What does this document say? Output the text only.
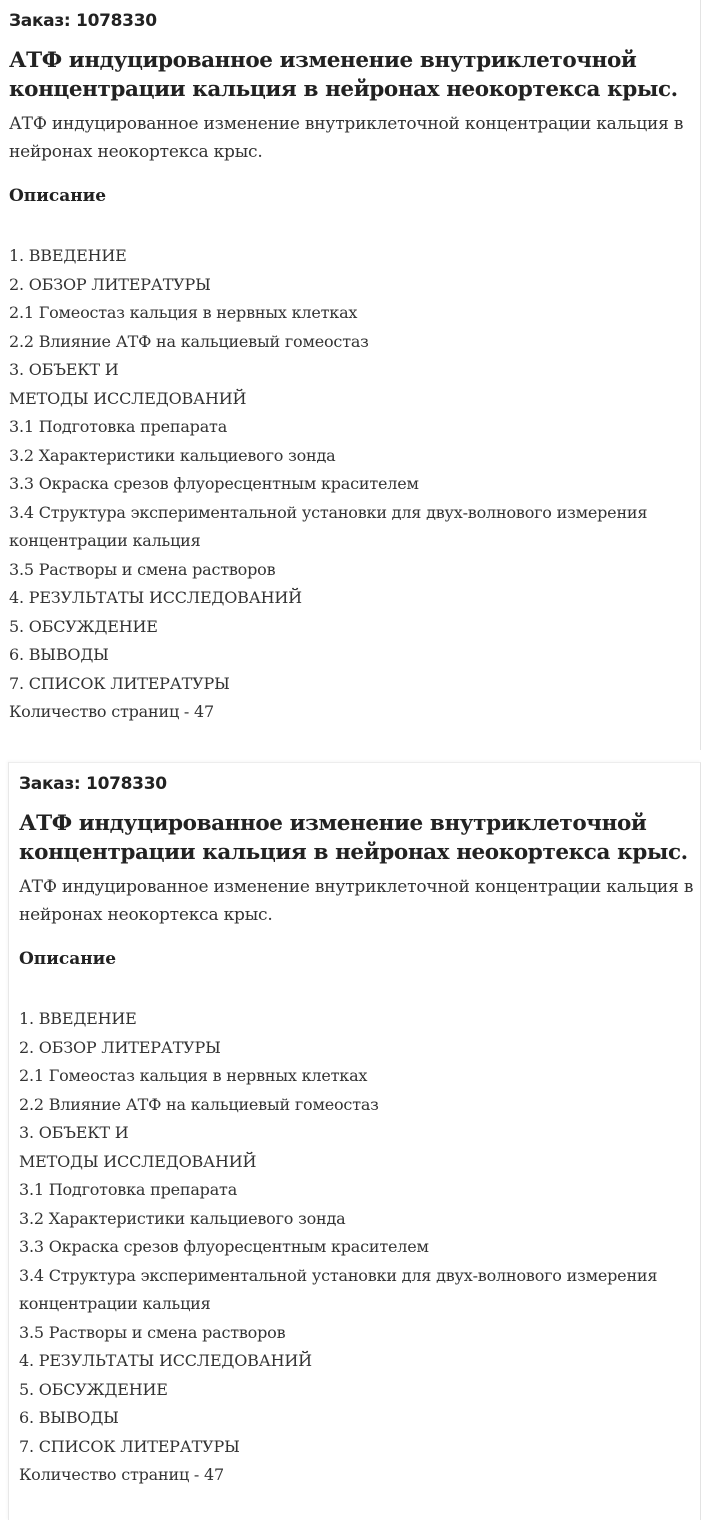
Заказ: 1078330
АТФ индуцированное изменение внутриклеточной
концентрации кальция в нейронах неокортекса крыс.
АТФ индуцированное изменение внутриклеточной концентрации кальция в нейронах неокортекса крыс.
Описание
1. ВВЕДЕНИЕ
2. ОБЗОР ЛИТЕРАТУРЫ
2.1 Гомеостаз кальция в нервных клетках
2.2 Влияние АТФ на кальциевый гомеостаз
3. ОБЪЕКТ И
МЕТОДЫ ИССЛЕДОВАНИЙ
3.1 Подготовка препарата
3.2 Характеристики кальциевого зонда
3.3 Окраска срезов флуоресцентным красителем
3.4 Структура экспериментальной установки для двух-волнового измерения концентрации кальция
3.5 Растворы и смена растворов
4. РЕЗУЛЬТАТЫ ИССЛЕДОВАНИЙ
5. ОБСУЖДЕНИЕ
6. ВЫВОДЫ
7. СПИСОК ЛИТЕРАТУРЫ
Количество страниц - 47
Заказ: 1078330
АТФ индуцированное изменение внутриклеточной
концентрации кальция в нейронах неокортекса крыс.
АТФ индуцированное изменение внутриклеточной концентрации кальция в нейронах неокортекса крыс.
Описание
1. ВВЕДЕНИЕ
2. ОБЗОР ЛИТЕРАТУРЫ
2.1 Гомеостаз кальция в нервных клетках
2.2 Влияние АТФ на кальциевый гомеостаз
3. ОБЪЕКТ И
МЕТОДЫ ИССЛЕДОВАНИЙ
3.1 Подготовка препарата
3.2 Характеристики кальциевого зонда
3.3 Окраска срезов флуоресцентным красителем
3.4 Структура экспериментальной установки для двух-волнового измерения концентрации кальция
3.5 Растворы и смена растворов
4. РЕЗУЛЬТАТЫ ИССЛЕДОВАНИЙ
5. ОБСУЖДЕНИЕ
6. ВЫВОДЫ
7. СПИСОК ЛИТЕРАТУРЫ
Количество страниц - 47
